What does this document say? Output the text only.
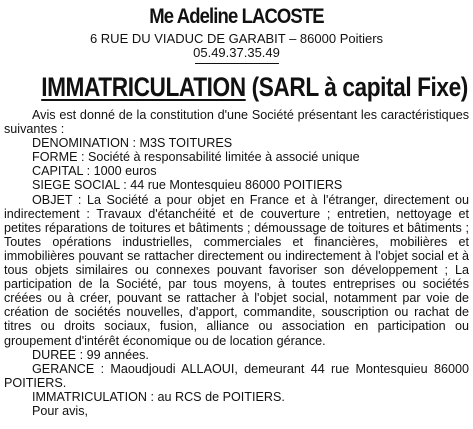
Me Adeline LACOSTE
6 RUE DU VIADUC DE GARABIT – 86000 Poitiers
05.49.37.35.49
IMMATRICULATION (SARL à capital Fixe)

Avis est donné de la constitution d'une Société présentant les caractéristiques suivantes :

DENOMINATION : M3S TOITURES

FORME : Société à responsabilité limitée à associé unique

CAPITAL : 1000 euros

SIEGE SOCIAL : 44 rue Montesquieu 86000 POITIERS

OBJET : La Société a pour objet en France et à l'étranger, directement ou indirectement : Travaux d'étanchéité et de couverture ; entretien, nettoyage et petites réparations de toitures et bâtiments ; démoussage de toitures et bâtiments ; Toutes opérations industrielles, commerciales et financières, mobilières et immobilières pouvant se rattacher directement ou indirectement à l'objet social et à tous objets similaires ou connexes pouvant favoriser son développement ; La participation de la Société, par tous moyens, à toutes entreprises ou sociétés créées ou à créer, pouvant se rattacher à l'objet social, notamment par voie de création de sociétés nouvelles, d'apport, commandite, souscription ou rachat de titres ou droits sociaux, fusion, alliance ou association en participation ou groupement d'intérêt économique ou de location gérance.

DUREE : 99 années.

GERANCE : Maoudjoudi ALLAOUI, demeurant 44 rue Montesquieu 86000 POITIERS.

IMMATRICULATION : au RCS de POITIERS.

Pour avis,
